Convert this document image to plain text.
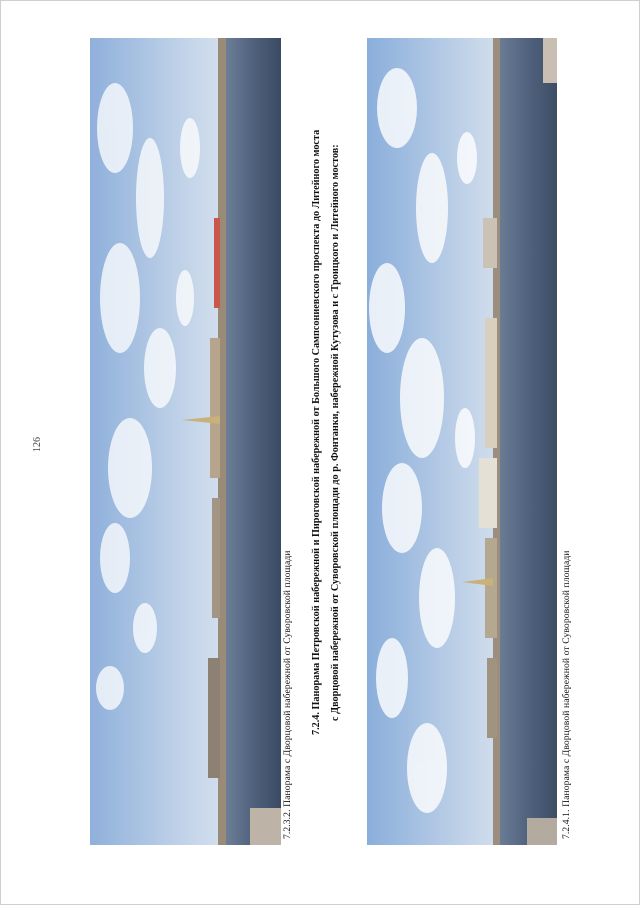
126
7.2.3.2. Панорама с Дворцовой набережной от Суворовской площади	7.2.4. Панорама Петровской набережной и Пироговской набережной от Большого Сампсониевского проспекта до Литейного моста с Дворцовой набережной от Суворовской площади до р. Фонтанки, набережной Кутузова и с Троицкого и Литейного мостов:	7.2.4.1. Панорама с Дворцовой набережной от Суворовской площади
